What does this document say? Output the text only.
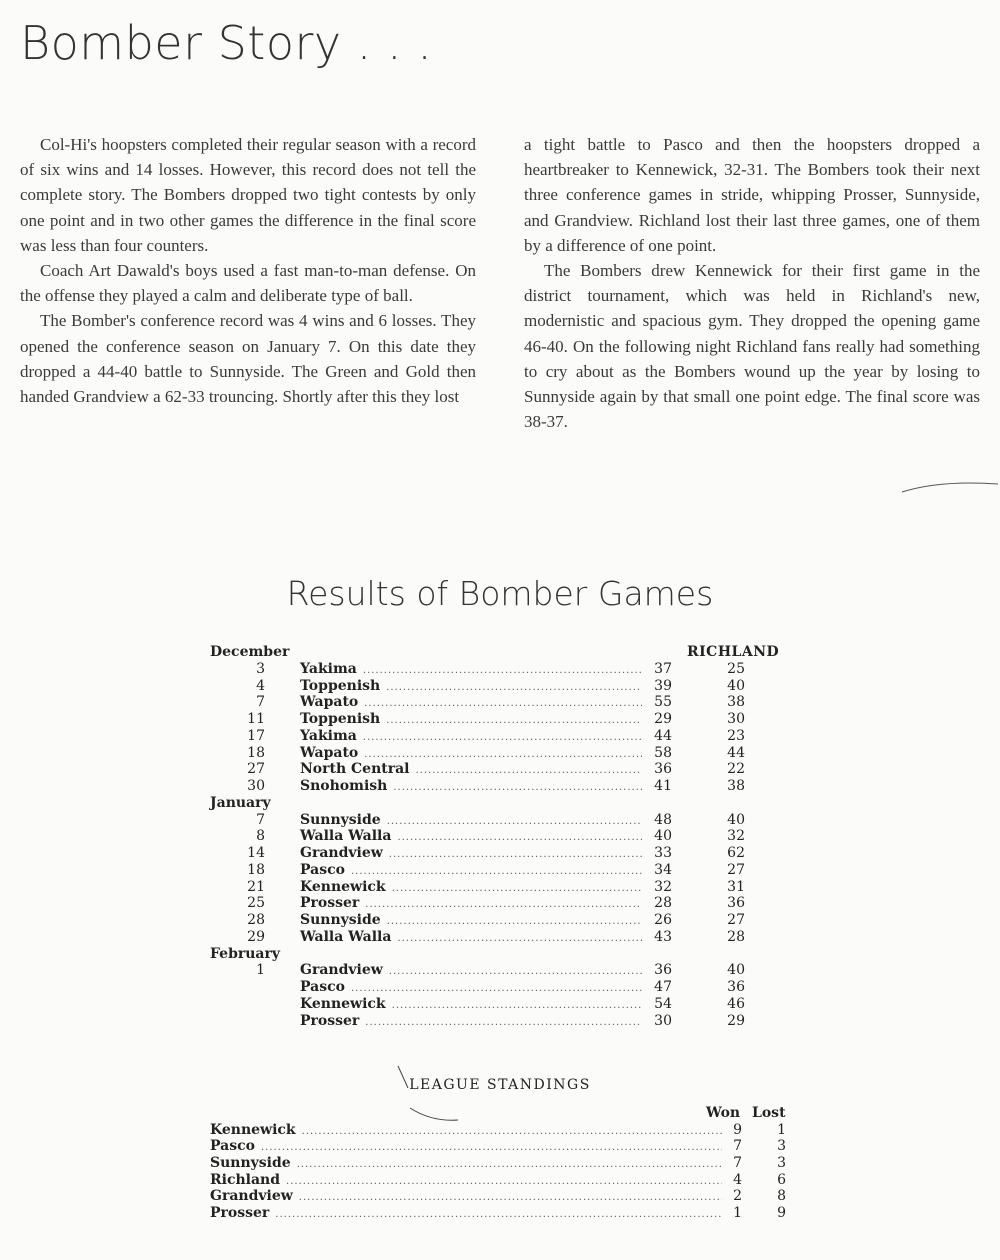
Bomber Story . . .

Col-Hi's hoopsters completed their regular season with a record of six wins and 14 losses. However, this record does not tell the complete story. The Bombers dropped two tight contests by only one point and in two other games the difference in the final score was less than four counters.

Coach Art Dawald's boys used a fast man-to-man defense. On the offense they played a calm and deliberate type of ball.

The Bomber's conference record was 4 wins and 6 losses. They opened the conference season on January 7. On this date they dropped a 44-40 battle to Sunnyside. The Green and Gold then handed Grandview a 62-33 trouncing. Shortly after this they lost

a tight battle to Pasco and then the hoopsters dropped a heartbreaker to Kennewick, 32-31. The Bombers took their next three conference games in stride, whipping Prosser, Sunnyside, and Grandview. Richland lost their last three games, one of them by a difference of one point.

The Bombers drew Kennewick for their first game in the district tournament, which was held in Richland's new, modernistic and spacious gym. They dropped the opening game 46-40. On the following night Richland fans really had something to cry about as the Bombers wound up the year by losing to Sunnyside again by that small one point edge. The final score was 38-37.

Results of Bomber Games
December	RICHLAND
3	Yakima .....	37	25
4	Toppenish .....	39	40
7	Wapato .....	55	38
11	Toppenish .....	29	30
17	Yakima .....	44	23
18	Wapato .....	58	44
27	North Central .....	36	22
30	Snohomish .....	41	38
January
7	Sunnyside .....	48	40
8	Walla Walla .....	40	32
14	Grandview .....	33	62
18	Pasco .....	34	27
21	Kennewick .....	32	31
25	Prosser .....	28	36
28	Sunnyside .....	26	27
29	Walla Walla .....	43	28
February
1	Grandview .....	36	40
Pasco .....	47	36
Kennewick .....	54	46
Prosser .....	30	29
LEAGUE STANDINGS
Won Lost
Kennewick .....	9	1
Pasco .....	7	3
Sunnyside .....	7	3
Richland .....	4	6
Grandview .....	2	8
Prosser .....	1	9
